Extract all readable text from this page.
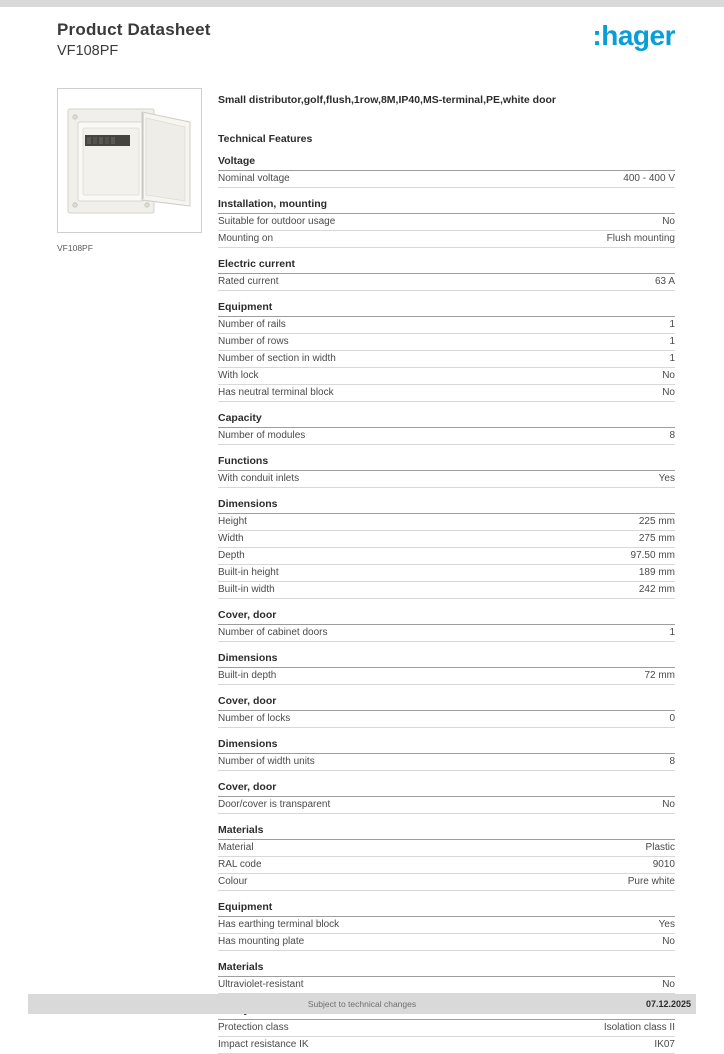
Product Datasheet
VF108PF	:hager
VF108PF
Small distributor,golf,flush,1row,8M,IP40,MS-terminal,PE,white door
Technical Features
Voltage
Nominal voltage	400 - 400 V
Installation, mounting
Suitable for outdoor usage	No
Mounting on	Flush mounting
Electric current
Rated current	63 A
Equipment
Number of rails	1
Number of rows	1
Number of section in width	1
With lock	No
Has neutral terminal block	No
Capacity
Number of modules	8
Functions
With conduit inlets	Yes
Dimensions
Height	225 mm
Width	275 mm
Depth	97.50 mm
Built-in height	189 mm
Built-in width	242 mm
Cover, door
Number of cabinet doors	1
Dimensions
Built-in depth	72 mm
Cover, door
Number of locks	0
Dimensions
Number of width units	8
Cover, door
Door/cover is transparent	No
Materials
Material	Plastic
RAL code	9010
Colour	Pure white
Equipment
Has earthing terminal block	Yes
Has mounting plate	No
Materials
Ultraviolet-resistant	No
Protection class	Isolation class II
Impact resistance IK	IK07
Subject to technical changes	07.12.2025
